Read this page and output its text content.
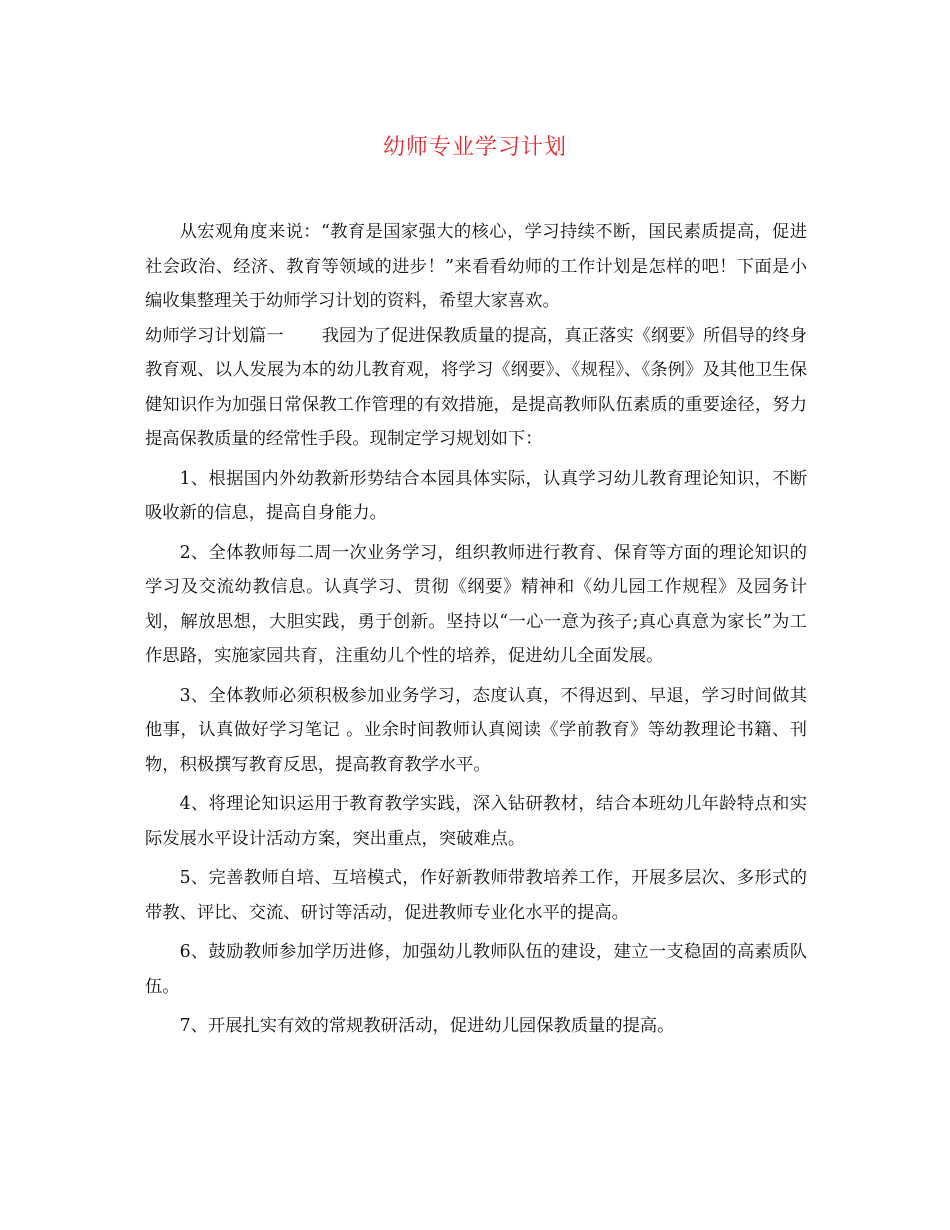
幼师专业学习计划

从宏观角度来说：“教育是国家强大的核心，学习持续不断，国民素质提高，促进社会政治、经济、教育等领域的进步！”来看看幼师的工作计划是怎样的吧！下面是小编收集整理关于幼师学习计划的资料，希望大家喜欢。

幼师学习计划篇一 我园为了促进保教质量的提高，真正落实《纲要》所倡导的终身教育观、以人发展为本的幼儿教育观，将学习《纲要》、《规程》、《条例》及其他卫生保健知识作为加强日常保教工作管理的有效措施，是提高教师队伍素质的重要途径，努力提高保教质量的经常性手段。现制定学习规划如下：

1、根据国内外幼教新形势结合本园具体实际，认真学习幼儿教育理论知识，不断吸收新的信息，提高自身能力。

2、全体教师每二周一次业务学习，组织教师进行教育、保育等方面的理论知识的学习及交流幼教信息。认真学习、贯彻《纲要》精神和《幼儿园工作规程》及园务计划，解放思想，大胆实践，勇于创新。坚持以“一心一意为孩子;真心真意为家长”为工作思路，实施家园共育，注重幼儿个性的培养，促进幼儿全面发展。

3、全体教师必须积极参加业务学习，态度认真，不得迟到、早退，学习时间做其他事，认真做好学习笔记 。业余时间教师认真阅读《学前教育》等幼教理论书籍、刊物，积极撰写教育反思，提高教育教学水平。

4、将理论知识运用于教育教学实践，深入钻研教材，结合本班幼儿年龄特点和实际发展水平设计活动方案，突出重点，突破难点。

5、完善教师自培、互培模式，作好新教师带教培养工作，开展多层次、多形式的带教、评比、交流、研讨等活动，促进教师专业化水平的提高。

6、鼓励教师参加学历进修，加强幼儿教师队伍的建设，建立一支稳固的高素质队伍。

7、开展扎实有效的常规教研活动，促进幼儿园保教质量的提高。
